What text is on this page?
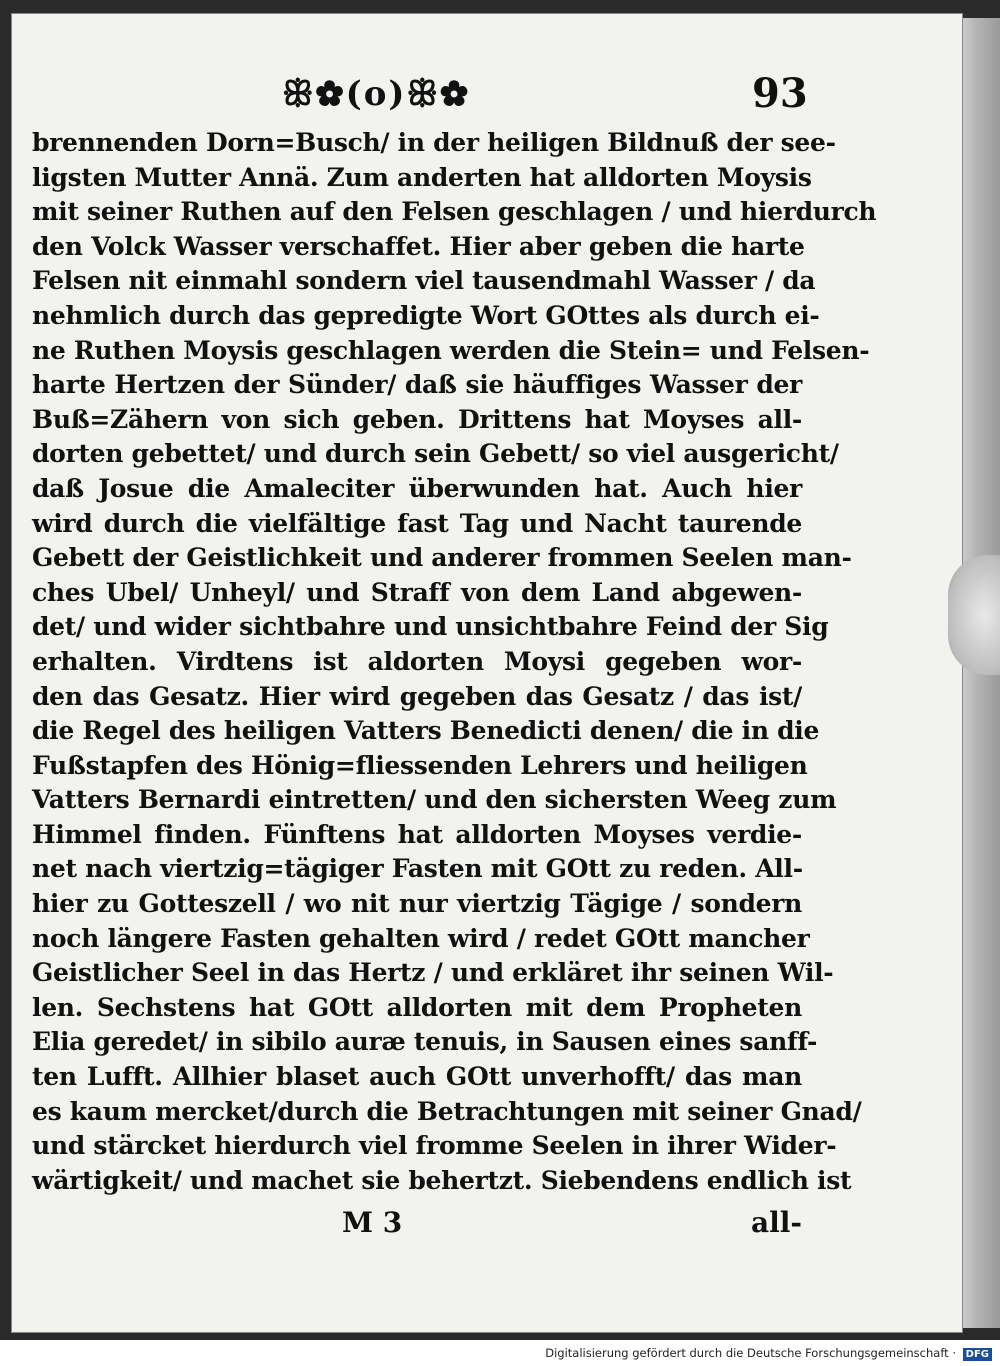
ꕥ✿(o)ꕥ✿	93
brennenden Dorn=Busch/ in der heiligen Bildnuß der see-
ligsten Mutter Annä. Zum anderten hat alldorten Moysis
mit seiner Ruthen auf den Felsen geschlagen / und hierdurch
den Volck Wasser verschaffet. Hier aber geben die harte
Felsen nit einmahl sondern viel tausendmahl Wasser / da
nehmlich durch das gepredigte Wort GOttes als durch ei-
ne Ruthen Moysis geschlagen werden die Stein= und Felsen-
harte Hertzen der Sünder/ daß sie häuffiges Wasser der
Buß=Zähern von sich geben. Drittens hat Moyses all-
dorten gebettet/ und durch sein Gebett/ so viel ausgericht/
daß Josue die Amaleciter überwunden hat. Auch hier
wird durch die vielfältige fast Tag und Nacht taurende
Gebett der Geistlichkeit und anderer frommen Seelen man-
ches Ubel/ Unheyl/ und Straff von dem Land abgewen-
det/ und wider sichtbahre und unsichtbahre Feind der Sig
erhalten. Virdtens ist aldorten Moysi gegeben wor-
den das Gesatz. Hier wird gegeben das Gesatz / das ist/
die Regel des heiligen Vatters Benedicti denen/ die in die
Fußstapfen des Hönig=fliessenden Lehrers und heiligen
Vatters Bernardi eintretten/ und den sichersten Weeg zum
Himmel finden. Fünftens hat alldorten Moyses verdie-
net nach viertzig=tägiger Fasten mit GOtt zu reden. All-
hier zu Gotteszell / wo nit nur viertzig Tägige / sondern
noch längere Fasten gehalten wird / redet GOtt mancher
Geistlicher Seel in das Hertz / und erkläret ihr seinen Wil-
len. Sechstens hat GOtt alldorten mit dem Propheten
Elia geredet/ in sibilo auræ tenuis, in Sausen eines sanff-
ten Lufft. Allhier blaset auch GOtt unverhofft/ das man
es kaum mercket/durch die Betrachtungen mit seiner Gnad/
und stärcket hierdurch viel fromme Seelen in ihrer Wider-
wärtigkeit/ und machet sie behertzt. Siebendens endlich ist
M 3	all-
Digitalisierung gefördert durch die Deutsche Forschungsgemeinschaft · DFG
